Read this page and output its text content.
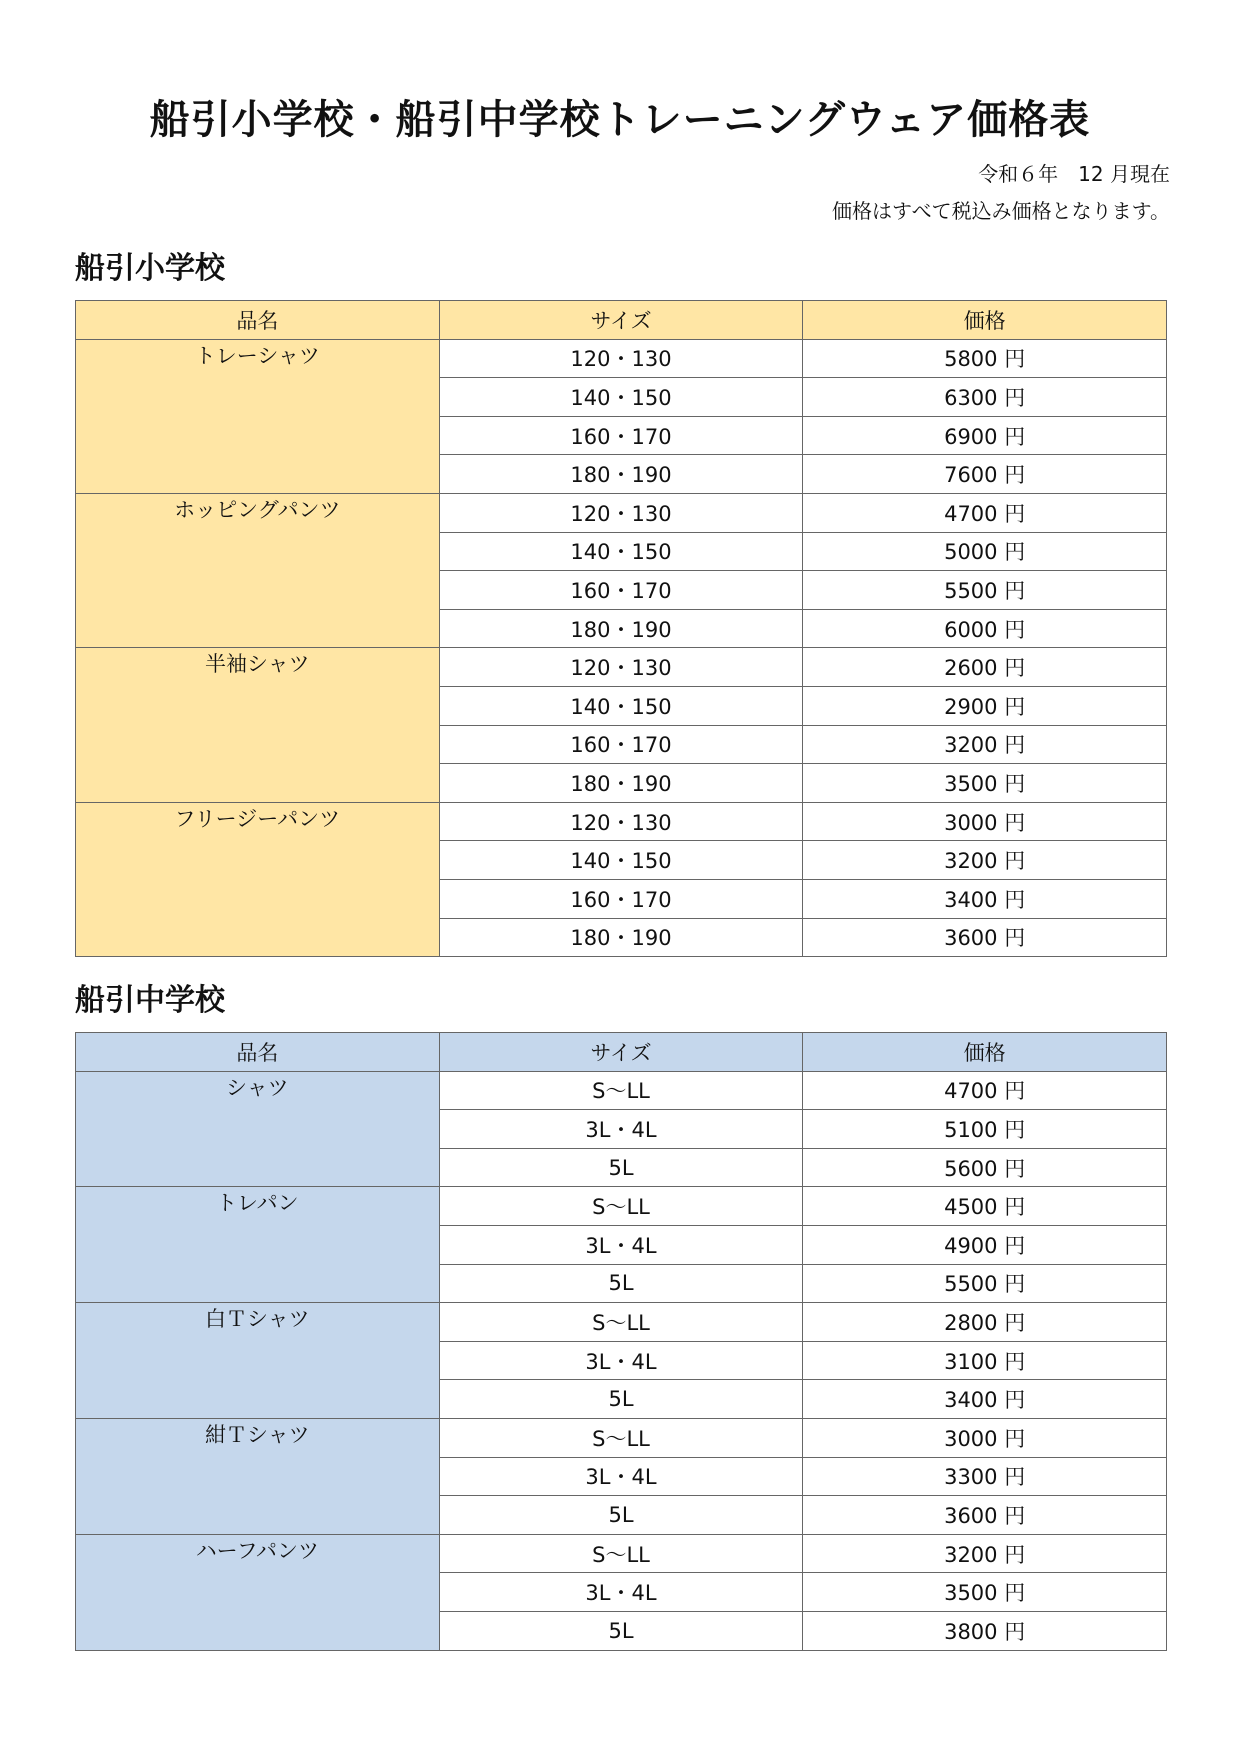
船引小学校・船引中学校トレーニングウェア価格表
令和６年　12 月現在
価格はすべて税込み価格となります。
船引小学校
品名	サイズ	価格
トレーシャツ	120・130	5800 円
	140・150	6300 円
	160・170	6900 円
	180・190	7600 円
ホッピングパンツ	120・130	4700 円
	140・150	5000 円
	160・170	5500 円
	180・190	6000 円
半袖シャツ	120・130	2600 円
	140・150	2900 円
	160・170	3200 円
	180・190	3500 円
フリージーパンツ	120・130	3000 円
	140・150	3200 円
	160・170	3400 円
	180・190	3600 円
船引中学校
品名	サイズ	価格
シャツ	S～LL	4700 円
	3L・4L	5100 円
	5L	5600 円
トレパン	S～LL	4500 円
	3L・4L	4900 円
	5L	5500 円
白Ｔシャツ	S～LL	2800 円
	3L・4L	3100 円
	5L	3400 円
紺Ｔシャツ	S～LL	3000 円
	3L・4L	3300 円
	5L	3600 円
ハーフパンツ	S～LL	3200 円
	3L・4L	3500 円
	5L	3800 円
